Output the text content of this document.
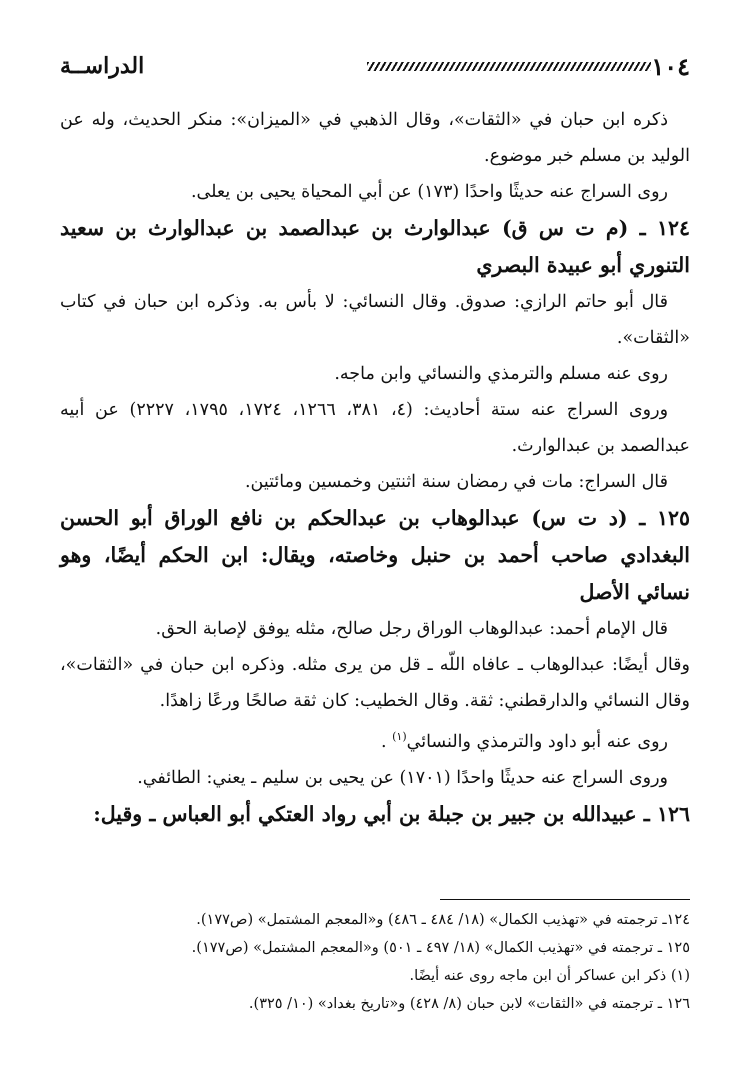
الدراســة	١٠٤

ذكره ابن حبان في «الثقات»، وقال الذهبي في «الميزان»: منكر الحديث، وله عن الوليد بن مسلم خبر موضوع.

روى السراج عنه حديثًا واحدًا (١٧٣) عن أبي المحياة يحيى بن يعلى.

١٢٤ ـ (م ت س ق) عبدالوارث بن عبدالصمد بن عبدالوارث بن سعيد التنوري أبو عبيدة البصري

قال أبو حاتم الرازي: صدوق. وقال النسائي: لا بأس به. وذكره ابن حبان في كتاب «الثقات».

روى عنه مسلم والترمذي والنسائي وابن ماجه.

وروى السراج عنه ستة أحاديث: (٤، ٣٨١، ١٢٦٦، ١٧٢٤، ١٧٩٥، ٢٢٢٧) عن أبيه عبدالصمد بن عبدالوارث.

قال السراج: مات في رمضان سنة اثنتين وخمسين ومائتين.

١٢٥ ـ (د ت س) عبدالوهاب بن عبدالحكم بن نافع الوراق أبو الحسن البغدادي صاحب أحمد بن حنبل وخاصته، ويقال: ابن الحكم أيضًا، وهو نسائي الأصل

قال الإمام أحمد: عبدالوهاب الوراق رجل صالح، مثله يوفق لإصابة الحق.

وقال أيضًا: عبدالوهاب ـ عافاه اللّه ـ قل من يرى مثله. وذكره ابن حبان في «الثقات»، وقال النسائي والدارقطني: ثقة. وقال الخطيب: كان ثقة صالحًا ورعًا زاهدًا.

روى عنه أبو داود والترمذي والنسائي$^{(١)}$ .

وروى السراج عنه حديثًا واحدًا (١٧٠١) عن يحيى بن سليم ـ يعني: الطائفي.

١٢٦ ـ عبيدالله بن جبير بن جبلة بن أبي رواد العتكي أبو العباس ـ وقيل:

١٢٤ـ ترجمته في «تهذيب الكمال» (١٨/ ٤٨٤ ـ ٤٨٦) و«المعجم المشتمل» (ص١٧٧).

١٢٥ ـ ترجمته في «تهذيب الكمال» (١٨/ ٤٩٧ ـ ٥٠١) و«المعجم المشتمل» (ص١٧٧).

(١) ذكر ابن عساكر أن ابن ماجه روى عنه أيضًا.

١٢٦ ـ ترجمته في «الثقات» لابن حبان (٨/ ٤٢٨) و«تاريخ بغداد» (١٠/ ٣٢٥).
